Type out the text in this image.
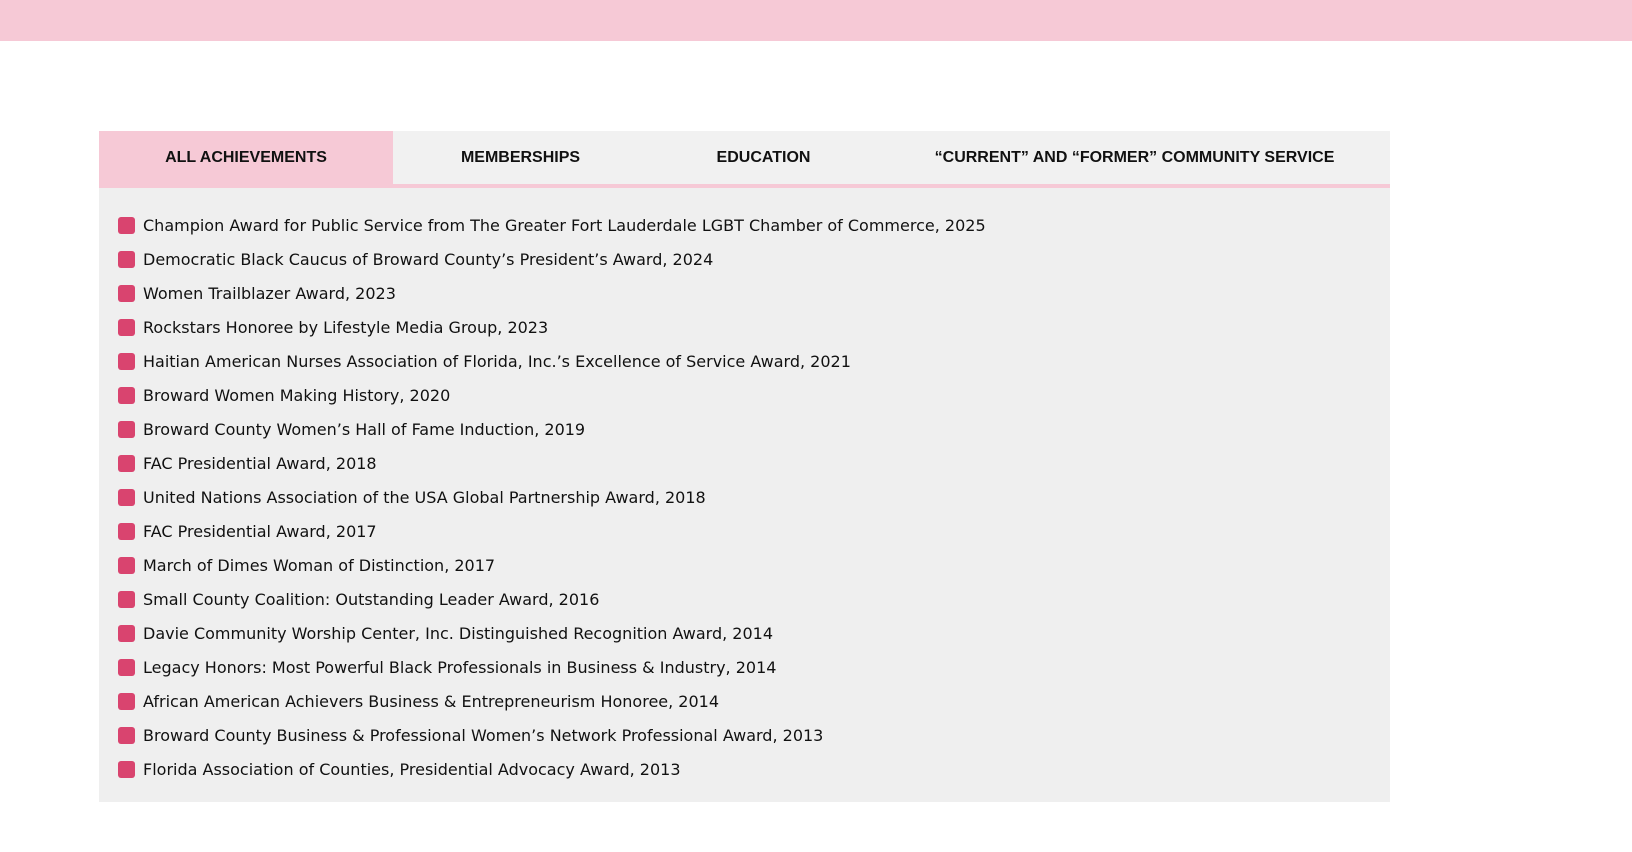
ALL ACHIEVEMENTS	MEMBERSHIPS	EDUCATION	“CURRENT” AND “FORMER” COMMUNITY SERVICE
Champion Award for Public Service from The Greater Fort Lauderdale LGBT Chamber of Commerce, 2025
Democratic Black Caucus of Broward County’s President’s Award, 2024
Women Trailblazer Award, 2023
Rockstars Honoree by Lifestyle Media Group, 2023
Haitian American Nurses Association of Florida, Inc.’s Excellence of Service Award, 2021
Broward Women Making History, 2020
Broward County Women’s Hall of Fame Induction, 2019
FAC Presidential Award, 2018
United Nations Association of the USA Global Partnership Award, 2018
FAC Presidential Award, 2017
March of Dimes Woman of Distinction, 2017
Small County Coalition: Outstanding Leader Award, 2016
Davie Community Worship Center, Inc. Distinguished Recognition Award, 2014
Legacy Honors: Most Powerful Black Professionals in Business & Industry, 2014
African American Achievers Business & Entrepreneurism Honoree, 2014
Broward County Business & Professional Women’s Network Professional Award, 2013
Florida Association of Counties, Presidential Advocacy Award, 2013
